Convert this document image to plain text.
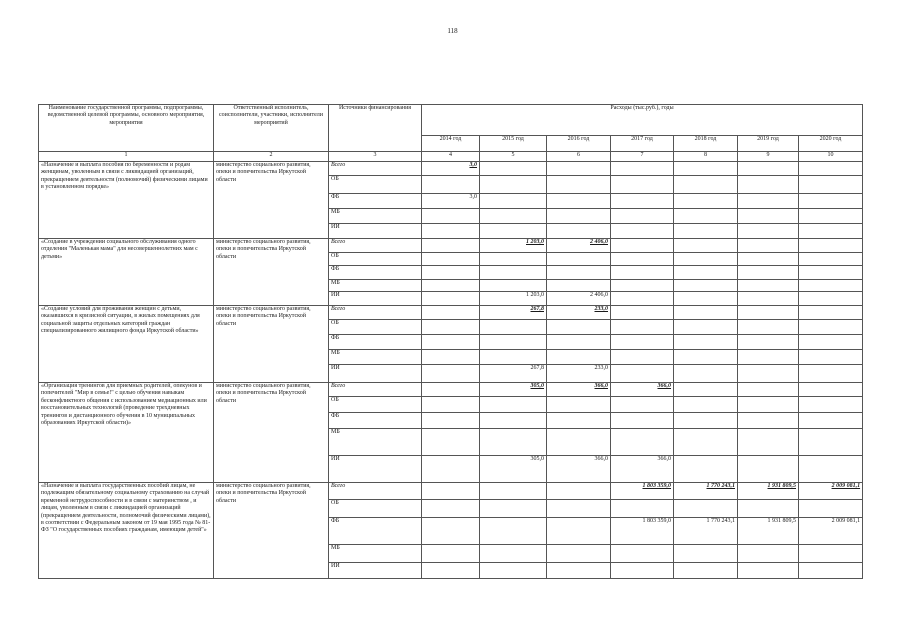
118
Наименование государственной программы, подпрограммы, ведомственной целевой программы, основного мероприятия, мероприятия	Ответственный исполнитель, соисполнители, участники, исполнители мероприятий	Источники финансирования	Расходы (тыс.руб.), годы						
			2014 год	2015 год	2016 год	2017 год	2018 год	2019 год	2020 год
1	2	3	4	5	6	7	8	9	10
«Назначение и выплата пособия по беременности и родам женщинам, уволенным в связи с ликвидацией организаций, прекращением деятельности (полномочий) физическими лицами в установленном порядке»	министерство социального развития, опеки и попечительства Иркутской области	Всего	3,0						
		ОБ							
		ФБ	3,0						
		МБ							
		ИИ							
«Создание в учреждении социального обслуживания одного отделения "Маленькая мама" для несовершеннолетних мам с детьми»	министерство социального развития, опеки и попечительства Иркутской области	Всего		1 203,0	2 406,0				
		ОБ							
		ФБ							
		МБ							
		ИИ		1 203,0	2 406,0				
«Создание условий для проживания женщин с детьми, оказавшихся в кризисной ситуации, в жилых помещениях для социальной защиты отдельных категорий граждан специализированного жилищного фонда Иркутской области»	министерство социального развития, опеки и попечительства Иркутской области	Всего		267,8	233,0				
		ОБ							
		ФБ							
		МБ							
		ИИ		267,8	233,0				
«Организация тренингов для приемных родителей, опекунов и попечителей "Мир в семье!" с целью обучения навыкам бесконфликтного общения с использованием медиационных или восстановительных технологий (проведение трехдневных тренингов и дистанционного обучения в 10 муниципальных образованиях Иркутской области)»	министерство социального развития, опеки и попечительства Иркутской области	Всего		305,0	366,0	366,0			
		ОБ							
		ФБ							
		МБ							
		ИИ		305,0	366,0	366,0			
«Назначение и выплата государственных пособий лицам, не подлежащим обязательному социальному страхованию на случай временной нетрудоспособности и в связи с материнством , и лицам, уволенным в связи с ликвидацией организаций (прекращением деятельности, полномочий физическими лицами), в соответствии с Федеральным законом от 19 мая 1995 года № 81-ФЗ "О государственных пособиях гражданам, имеющим детей"»	министерство социального развития, опеки и попечительства Иркутской области	Всего				1 803 359,0	1 770 243,1	1 931 809,5	2 009 081,1
		ОБ							
		ФБ				1 803 359,0	1 770 243,1	1 931 809,5	2 009 081,1
		МБ							
		ИИ							
